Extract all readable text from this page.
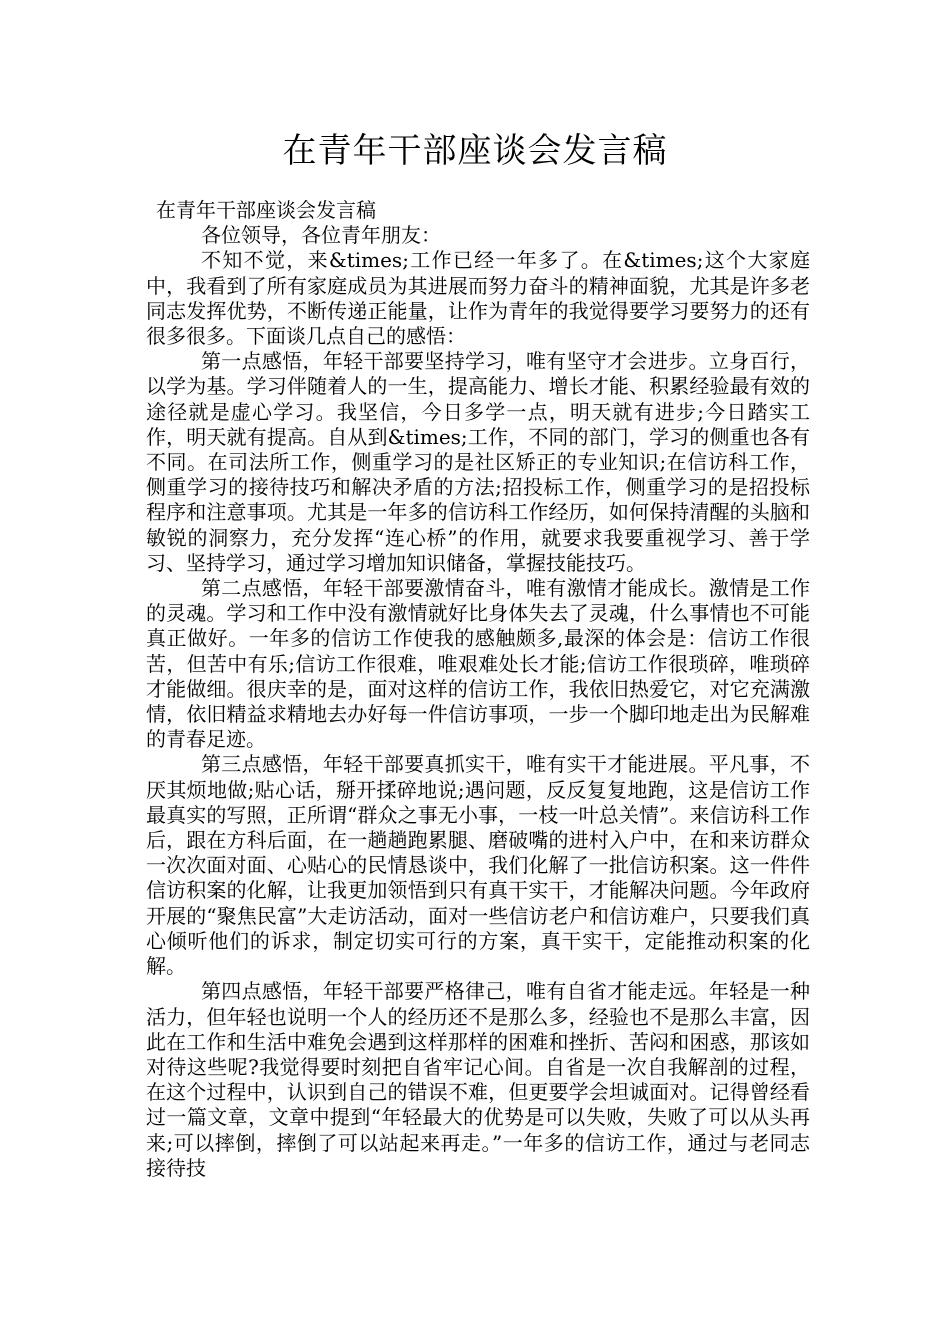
在青年干部座谈会发言稿

在青年干部座谈会发言稿

各位领导，各位青年朋友：

不知不觉，来&times;工作已经一年多了。在&times;这个大家庭中，我看到了所有家庭成员为其进展而努力奋斗的精神面貌，尤其是许多老同志发挥优势，不断传递正能量，让作为青年的我觉得要学习要努力的还有很多很多。下面谈几点自己的感悟：

第一点感悟，年轻干部要坚持学习，唯有坚守才会进步。立身百行，以学为基。学习伴随着人的一生，提高能力、增长才能、积累经验最有效的途径就是虚心学习。我坚信，今日多学一点，明天就有进步;今日踏实工作，明天就有提高。自从到&times;工作，不同的部门，学习的侧重也各有不同。在司法所工作，侧重学习的是社区矫正的专业知识;在信访科工作，侧重学习的接待技巧和解决矛盾的方法;招投标工作，侧重学习的是招投标程序和注意事项。尤其是一年多的信访科工作经历，如何保持清醒的头脑和敏锐的洞察力，充分发挥“连心桥”的作用，就要求我要重视学习、善于学习、坚持学习，通过学习增加知识储备，掌握技能技巧。

第二点感悟，年轻干部要激情奋斗，唯有激情才能成长。激情是工作的灵魂。学习和工作中没有激情就好比身体失去了灵魂，什么事情也不可能真正做好。一年多的信访工作使我的感触颇多,最深的体会是：信访工作很苦，但苦中有乐;信访工作很难，唯艰难处长才能;信访工作很琐碎，唯琐碎才能做细。很庆幸的是，面对这样的信访工作，我依旧热爱它，对它充满激情，依旧精益求精地去办好每一件信访事项，一步一个脚印地走出为民解难的青春足迹。

第三点感悟，年轻干部要真抓实干，唯有实干才能进展。平凡事，不厌其烦地做;贴心话，掰开揉碎地说;遇问题，反反复复地跑，这是信访工作最真实的写照，正所谓“群众之事无小事，一枝一叶总关情”。来信访科工作后，跟在方科后面，在一趟趟跑累腿、磨破嘴的进村入户中，在和来访群众一次次面对面、心贴心的民情恳谈中，我们化解了一批信访积案。这一件件信访积案的化解，让我更加领悟到只有真干实干，才能解决问题。今年政府开展的“聚焦民富”大走访活动，面对一些信访老户和信访难户，只要我们真心倾听他们的诉求，制定切实可行的方案，真干实干，定能推动积案的化解。

第四点感悟，年轻干部要严格律己，唯有自省才能走远。年轻是一种活力，但年轻也说明一个人的经历还不是那么多，经验也不是那么丰富，因此在工作和生活中难免会遇到这样那样的困难和挫折、苦闷和困惑，那该如对待这些呢?我觉得要时刻把自省牢记心间。自省是一次自我解剖的过程，在这个过程中，认识到自己的错误不难，但更要学会坦诚面对。记得曾经看过一篇文章，文章中提到“年轻最大的优势是可以失败，失败了可以从头再来;可以摔倒，摔倒了可以站起来再走。”一年多的信访工作，通过与老同志接待技
